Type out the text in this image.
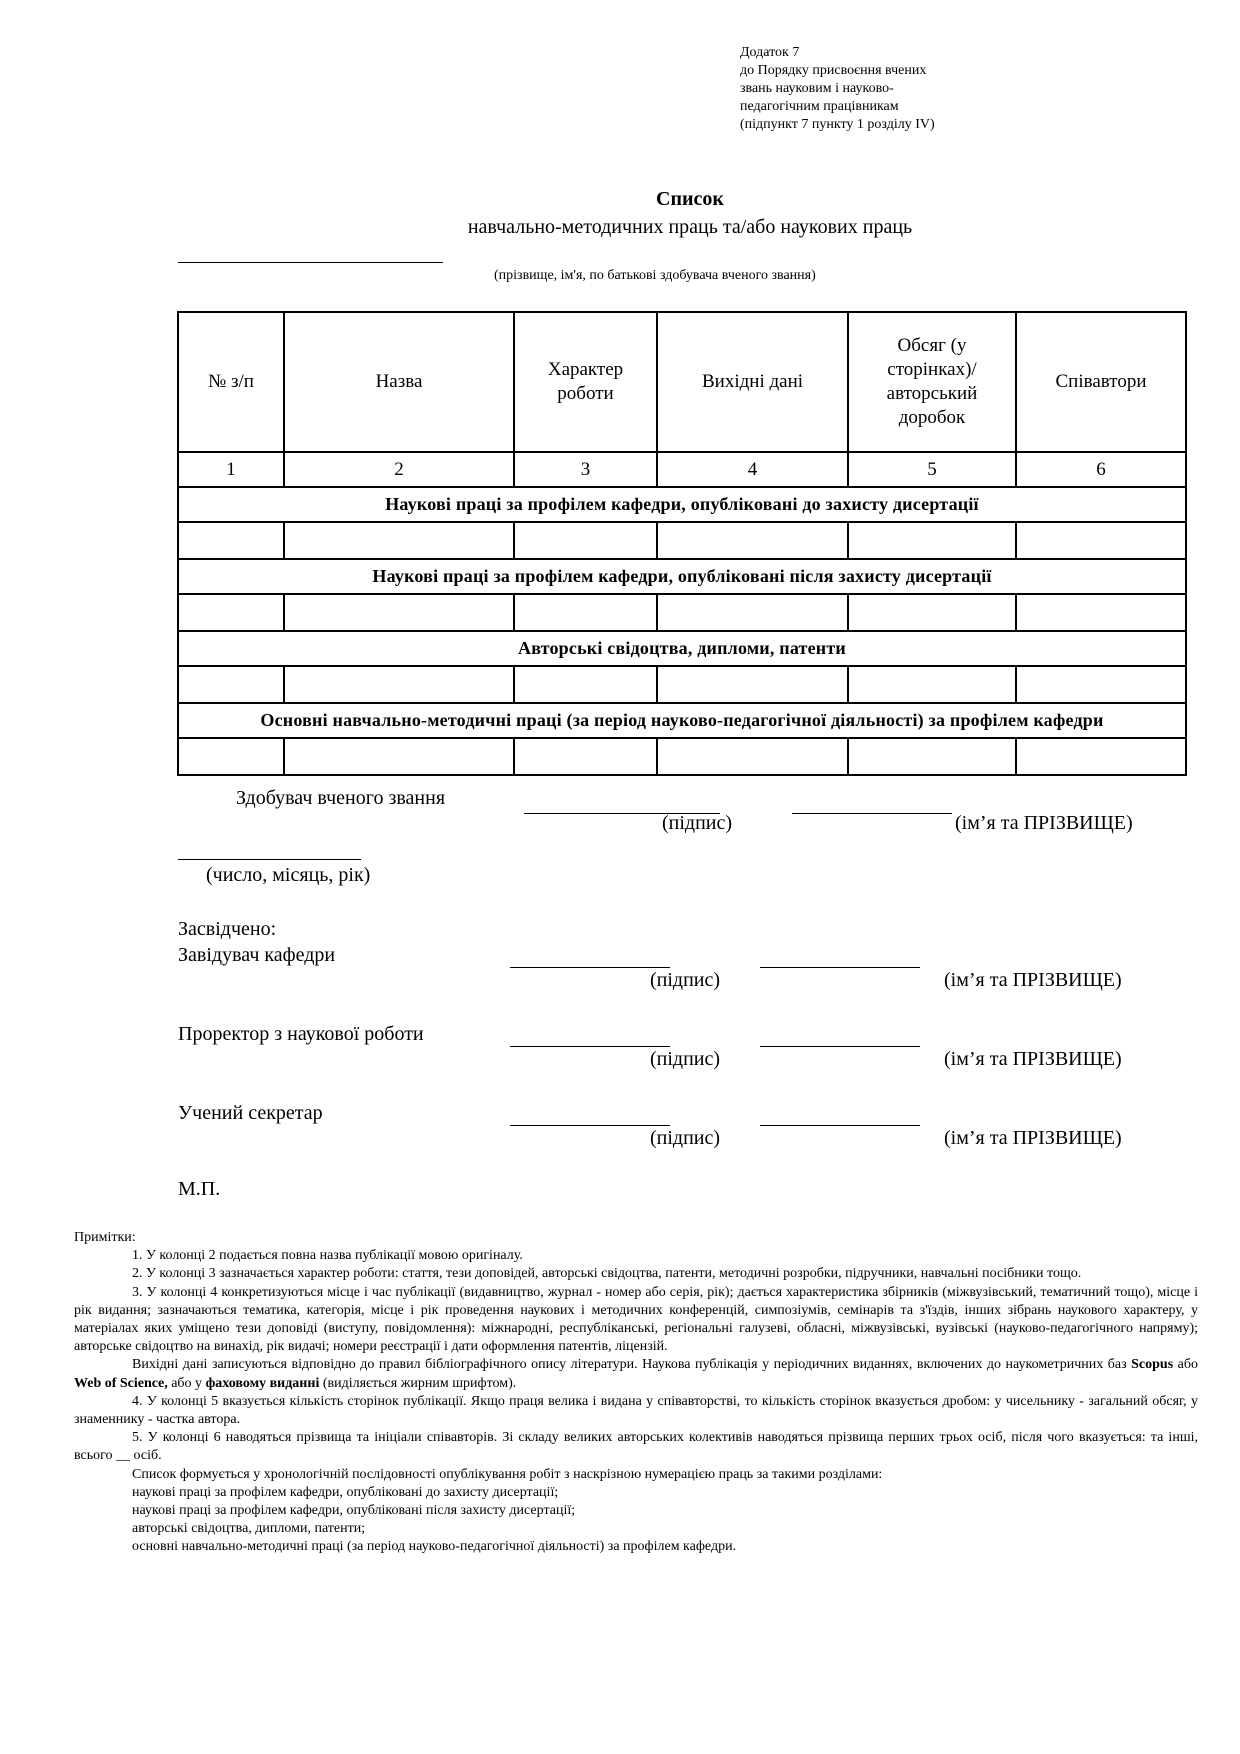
Додаток 7
до Порядку присвоєння вчених
звань науковим і науково-
педагогічним працівникам
(підпункт 7 пункту 1 розділу IV)
Список
навчально-методичних праць та/або наукових праць
(прізвище, ім'я, по батькові здобувача вченого звання)
№ з/п	Назва	Характер роботи	Вихідні дані	Обсяг (у сторінках)/ авторський доробок	Співавтори
1	2	3	4	5	6
Наукові праці за профілем кафедри, опубліковані до захисту дисертації					

Наукові праці за профілем кафедри, опубліковані після захисту дисертації					

Авторські свідоцтва, дипломи, патенти					

Основні навчально-методичні праці (за період науково-педагогічної діяльності) за профілем кафедри					

Здобувач вченого звання
(підпис)	(ім’я та ПРІЗВИЩЕ)
(число, місяць, рік)
Засвідчено:
Завідувач кафедри
(підпис)	(ім’я та ПРІЗВИЩЕ)
Проректор з наукової роботи
(підпис)	(ім’я та ПРІЗВИЩЕ)
Учений секретар
(підпис)	(ім’я та ПРІЗВИЩЕ)
М.П.

Примітки:

1. У колонці 2 подається повна назва публікації мовою оригіналу.

2. У колонці 3 зазначається характер роботи: стаття, тези доповідей, авторські свідоцтва, патенти, методичні розробки, підручники, навчальні посібники тощо.

3. У колонці 4 конкретизуються місце і час публікації (видавництво, журнал - номер або серія, рік); дається характеристика збірників (міжвузівський, тематичний тощо), місце і рік видання; зазначаються тематика, категорія, місце і рік проведення наукових і методичних конференцій, симпозіумів, семінарів та з'їздів, інших зібрань наукового характеру, у матеріалах яких уміщено тези доповіді (виступу, повідомлення): міжнародні, республіканські, регіональні галузеві, обласні, міжвузівські, вузівські (науково-педагогічного напряму); авторське свідоцтво на винахід, рік видачі; номери реєстрації і дати оформлення патентів, ліцензій.

Вихідні дані записуються відповідно до правил бібліографічного опису літератури. Наукова публікація у періодичних виданнях, включених до наукометричних баз Scopus або Web of Science, або у фаховому виданні (виділяється жирним шрифтом).

4. У колонці 5 вказується кількість сторінок публікації. Якщо праця велика і видана у співавторстві, то кількість сторінок вказується дробом: у чисельнику - загальний обсяг, у знаменнику - частка автора.

5. У колонці 6 наводяться прізвища та ініціали співавторів. Зі складу великих авторських колективів наводяться прізвища перших трьох осіб, після чого вказується: та інші, всього __ осіб.

Список формується у хронологічній послідовності опублікування робіт з наскрізною нумерацією праць за такими розділами:

наукові праці за профілем кафедри, опубліковані до захисту дисертації;

наукові праці за профілем кафедри, опубліковані після захисту дисертації;

авторські свідоцтва, дипломи, патенти;

основні навчально-методичні праці (за період науково-педагогічної діяльності) за профілем кафедри.
